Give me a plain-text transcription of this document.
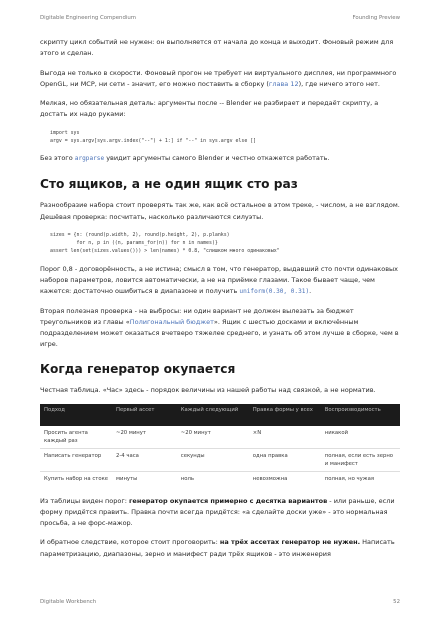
Digitable Engineering Compendium	Founding Preview

скрипту цикл событий не нужен: он выполняется от начала до конца и выходит. Фоновый режим для этого и сделан.

Выгода не только в скорости. Фоновый прогон не требует ни виртуального дисплея, ни программного OpenGL, ни MCP, ни сети - значит, его можно поставить в сборку (глава 12), где ничего этого нет.

Мелкая, но обязательная деталь: аргументы после -- Blender не разбирает и передаёт скрипту, а достать их надо руками:

import sys
argv = sys.argv[sys.argv.index("--") + 1:] if "--" in sys.argv else []

Без этого argparse увидит аргументы самого Blender и честно откажется работать.

Сто ящиков, а не один ящик сто раз

Разнообразие набора стоит проверять так же, как всё остальное в этом треке, - числом, а не взглядом. Дешёвая проверка: посчитать, насколько различаются силуэты.

sizes = {n: (round(p.width, 2), round(p.height, 2), p.planks)
for n, p in ((n, params_for(n)) for n in names)}
assert len(set(sizes.values())) > len(names) * 0.8, "слишком много одинаковых"

Порог 0,8 - договорённость, а не истина; смысл в том, что генератор, выдавший сто почти одинаковых наборов параметров, ловится автоматически, а не на приёмке глазами. Такое бывает чаще, чем кажется: достаточно ошибиться в диапазоне и получить uniform(0.30, 0.31).

Вторая полезная проверка - на выбросы: ни один вариант не должен вылезать за бюджет треугольников из главы «Полигональный бюджет». Ящик с шестью досками и включённым подразделением может оказаться вчетверо тяжелее среднего, и узнать об этом лучше в сборке, чем в игре.

Когда генератор окупается

Честная таблица. «Час» здесь - порядок величины из нашей работы над связкой, а не норматив.

Подход	Первый ассет	Каждый следующий	Правка формы у всех	Воспроизводимость
Просить агента каждый раз	~20 минут	~20 минут	×N	никакой
Написать генератор	2-4 часа	секунды	одна правка	полная, если есть зерно и манифест
Купить набор на стоке	минуты	ноль	невозможна	полная, но чужая

Из таблицы виден порог: генератор окупается примерно с десятка вариантов - или раньше, если форму придётся править. Правка почти всегда придётся: «а сделайте доски уже» - это нормальная просьба, а не форс-мажор.

И обратное следствие, которое стоит проговорить: на трёх ассетах генератор не нужен. Написать параметризацию, диапазоны, зерно и манифест ради трёх ящиков - это инженерия

Digitable Workbench	52
